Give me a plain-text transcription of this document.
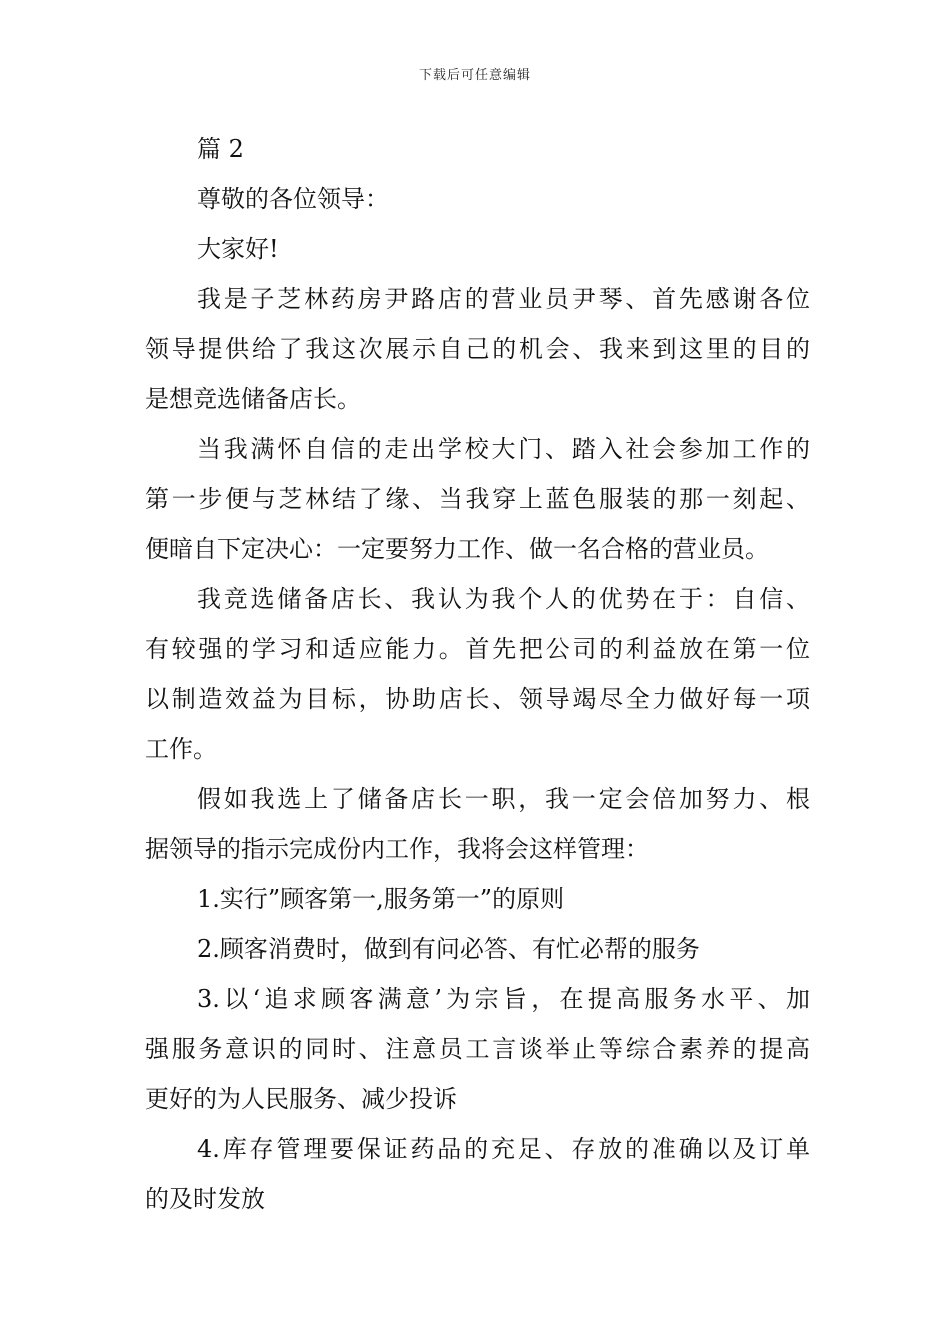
下载后可任意编辑
篇 2
尊敬的各位领导：
大家好!
我是子芝林药房尹路店的营业员尹琴、首先感谢各位
领导提供给了我这次展示自己的机会、我来到这里的目的
是想竞选储备店长。
当我满怀自信的走出学校大门、踏入社会参加工作的
第一步便与芝林结了缘、当我穿上蓝色服装的那一刻起、
便暗自下定决心：一定要努力工作、做一名合格的营业员。
我竞选储备店长、我认为我个人的优势在于：自信、
有较强的学习和适应能力。首先把公司的利益放在第一位
以制造效益为目标，协助店长、领导竭尽全力做好每一项
工作。
假如我选上了储备店长一职，我一定会倍加努力、根
据领导的指示完成份内工作，我将会这样管理：
1.实行”顾客第一,服务第一”的原则
2.顾客消费时，做到有问必答、有忙必帮的服务
3.以‘追求顾客满意’为宗旨，在提高服务水平、加
强服务意识的同时、注意员工言谈举止等综合素养的提高
更好的为人民服务、减少投诉
4.库存管理要保证药品的充足、存放的准确以及订单
的及时发放
